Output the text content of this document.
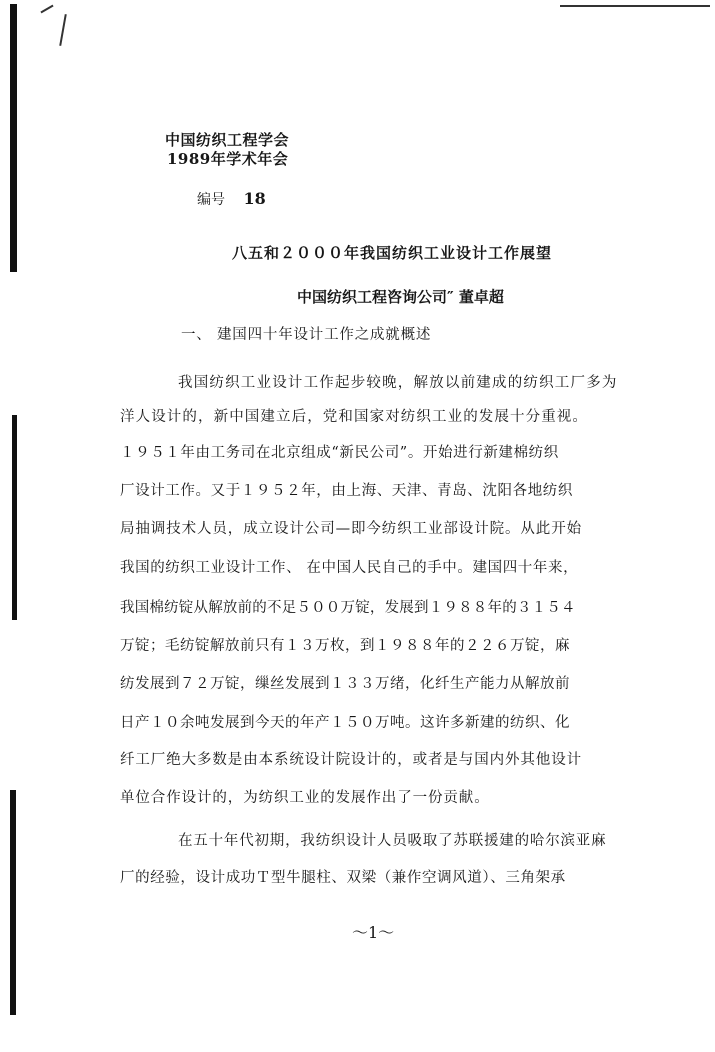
中国纺织工程学会
1989年学术年会
编号 18
八五和２０００年我国纺织工业设计工作展望
中国纺织工程咨询公司″ 董卓超
一、 建国四十年设计工作之成就概述
我国纺织工业设计工作起步较晚，解放以前建成的纺织工厂多为
洋人设计的，新中国建立后，党和国家对纺织工业的发展十分重视。
１９５１年由工务司在北京组成“新民公司”。开始进行新建棉纺织
厂设计工作。又于１９５２年，由上海、天津、青岛、沈阳各地纺织
局抽调技术人员，成立设计公司—即今纺织工业部设计院。从此开始
我国的纺织工业设计工作、 在中国人民自己的手中。建国四十年来，
我国棉纺锭从解放前的不足５００万锭，发展到１９８８年的３１５４
万锭；毛纺锭解放前只有１３万枚，到１９８８年的２２６万锭，麻
纺发展到７２万锭，缫丝发展到１３３万绪，化纤生产能力从解放前
日产１０余吨发展到今天的年产１５０万吨。这许多新建的纺织、化
纤工厂绝大多数是由本系统设计院设计的，或者是与国内外其他设计
单位合作设计的，为纺织工业的发展作出了一份贡献。
在五十年代初期，我纺织设计人员吸取了苏联援建的哈尔滨亚麻
厂的经验，设计成功Ｔ型牛腿柱、双梁（兼作空调风道）、三角架承
～1～
